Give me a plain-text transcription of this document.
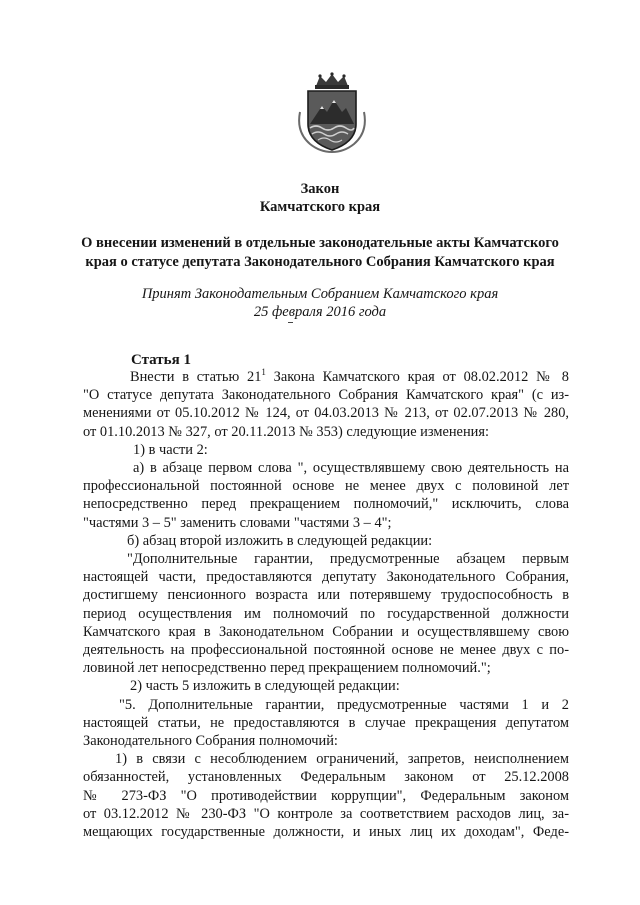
Закон
Камчатского края
О внесении изменений в отдельные законодательные акты Камчатского
края о статусе депутата Законодательного Собрания Камчатского края
Принят Законодательным Собранием Камчатского края
25 февраля 2016 года
Статья 1
Внести в статью $21^1$ Закона Камчатского края от 08.02.2012 № 8
"О статусе депутата Законодательного Собрания Камчатского края" (с из-
менениями от 05.10.2012 № 124, от 04.03.2013 № 213, от 02.07.2013 № 280,
от 01.10.2013 № 327, от 20.11.2013 № 353) следующие изменения:
1) в части 2:
а) в абзаце первом слова ", осуществлявшему свою деятельность на
профессиональной постоянной основе не менее двух с половиной лет
непосредственно перед прекращением полномочий," исключить, слова
"частями 3 – 5" заменить словами "частями 3 – 4";
б) абзац второй изложить в следующей редакции:
"Дополнительные гарантии, предусмотренные абзацем первым
настоящей части, предоставляются депутату Законодательного Собрания,
достигшему пенсионного возраста или потерявшему трудоспособность в
период осуществления им полномочий по государственной должности
Камчатского края в Законодательном Собрании и осуществлявшему свою
деятельность на профессиональной постоянной основе не менее двух с по-
ловиной лет непосредственно перед прекращением полномочий.";
2) часть 5 изложить в следующей редакции:
"5. Дополнительные гарантии, предусмотренные частями 1 и 2
настоящей статьи, не предоставляются в случае прекращения депутатом
Законодательного Собрания полномочий:
1) в связи с несоблюдением ограничений, запретов, неисполнением
обязанностей, установленных Федеральным законом от 25.12.2008
№ 273-ФЗ "О противодействии коррупции", Федеральным законом
от 03.12.2012 № 230-ФЗ "О контроле за соответствием расходов лиц, за-
мещающих государственные должности, и иных лиц их доходам", Феде-
